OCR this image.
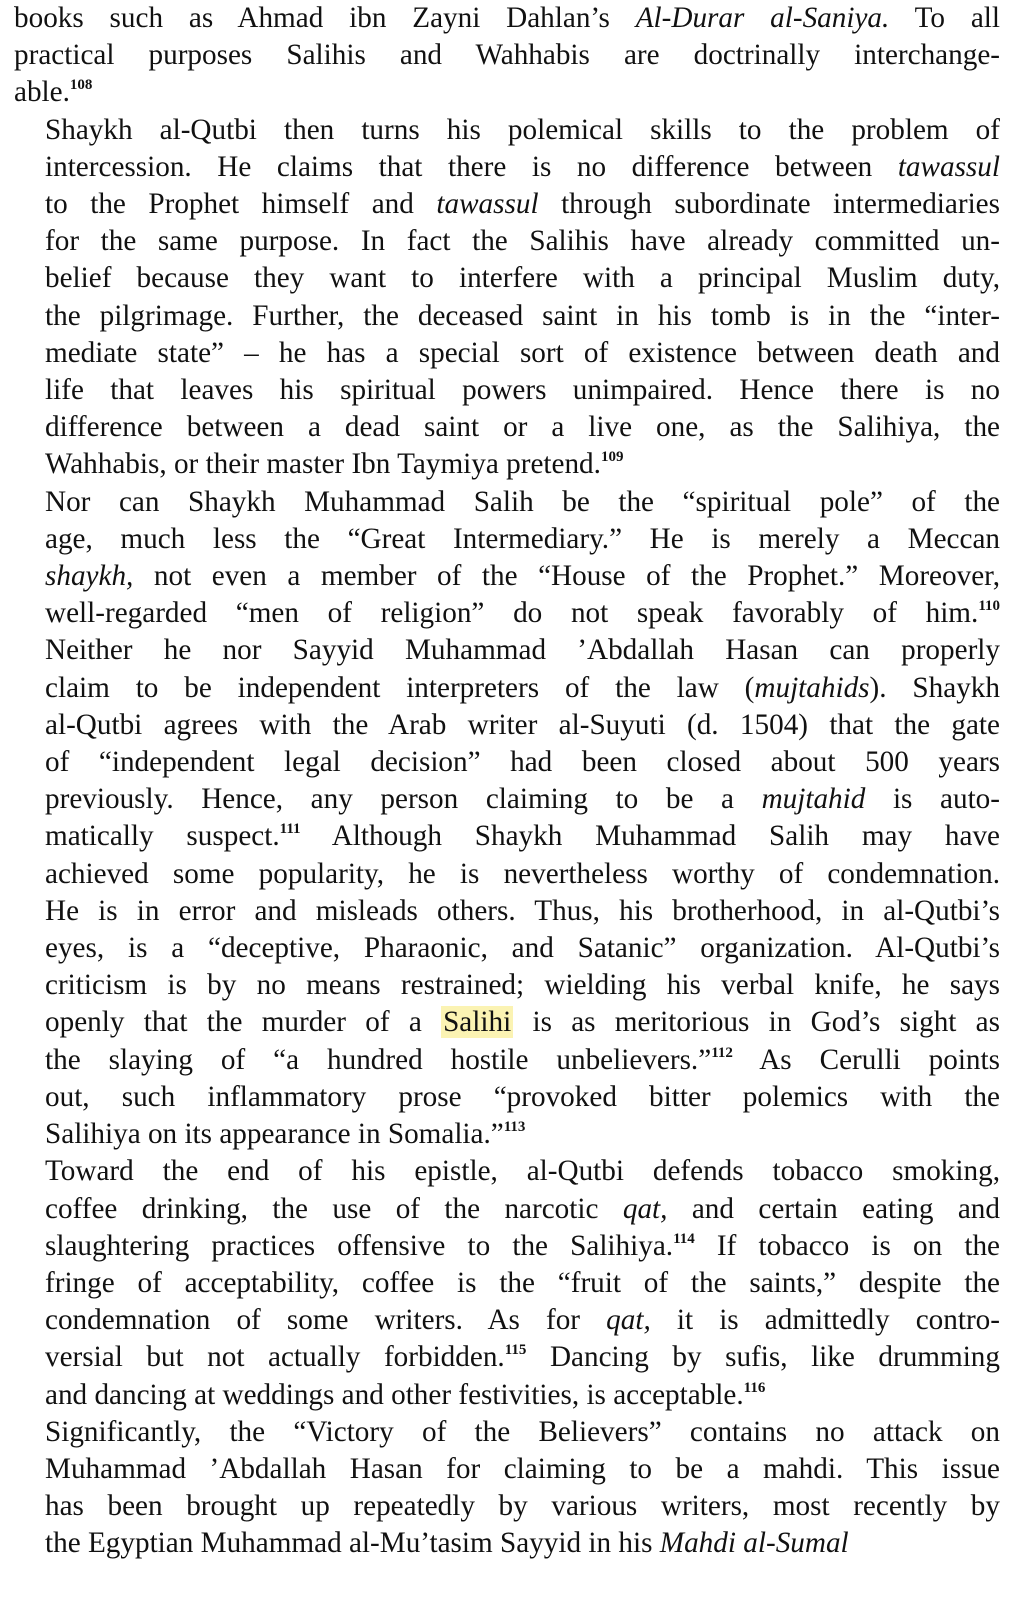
books such as Ahmad ibn Zayni Dahlan’s Al-Durar al-Saniya. To all
practical purposes Salihis and Wahhabis are doctrinally interchange-
able.$^{108}$

Shaykh al-Qutbi then turns his polemical skills to the problem of
intercession. He claims that there is no difference between tawassul
to the Prophet himself and tawassul through subordinate intermediaries
for the same purpose. In fact the Salihis have already committed un-
belief because they want to interfere with a principal Muslim duty,
the pilgrimage. Further, the deceased saint in his tomb is in the “inter-
mediate state” – he has a special sort of existence between death and
life that leaves his spiritual powers unimpaired. Hence there is no
difference between a dead saint or a live one, as the Salihiya, the
Wahhabis, or their master Ibn Taymiya pretend.$^{109}$

Nor can Shaykh Muhammad Salih be the “spiritual pole” of the
age, much less the “Great Intermediary.” He is merely a Meccan
shaykh, not even a member of the “House of the Prophet.” Moreover,
well-regarded “men of religion” do not speak favorably of him.$^{110}$
Neither he nor Sayyid Muhammad ’Abdallah Hasan can properly
claim to be independent interpreters of the law (mujtahids). Shaykh
al-Qutbi agrees with the Arab writer al-Suyuti (d. 1504) that the gate
of “independent legal decision” had been closed about 500 years
previously. Hence, any person claiming to be a mujtahid is auto-
matically suspect.$^{111}$ Although Shaykh Muhammad Salih may have
achieved some popularity, he is nevertheless worthy of condemnation.
He is in error and misleads others. Thus, his brotherhood, in al-Qutbi’s
eyes, is a “deceptive, Pharaonic, and Satanic” organization. Al-Qutbi’s
criticism is by no means restrained; wielding his verbal knife, he says
openly that the murder of a Salihi is as meritorious in God’s sight as
the slaying of “a hundred hostile unbelievers.”$^{112}$ As Cerulli points
out, such inflammatory prose “provoked bitter polemics with the
Salihiya on its appearance in Somalia.”$^{113}$

Toward the end of his epistle, al-Qutbi defends tobacco smoking,
coffee drinking, the use of the narcotic qat, and certain eating and
slaughtering practices offensive to the Salihiya.$^{114}$ If tobacco is on the
fringe of acceptability, coffee is the “fruit of the saints,” despite the
condemnation of some writers. As for qat, it is admittedly contro-
versial but not actually forbidden.$^{115}$ Dancing by sufis, like drumming
and dancing at weddings and other festivities, is acceptable.$^{116}$

Significantly, the “Victory of the Believers” contains no attack on
Muhammad ’Abdallah Hasan for claiming to be a mahdi. This issue
has been brought up repeatedly by various writers, most recently by
the Egyptian Muhammad al-Mu’tasim Sayyid in his Mahdi al-Sumal
